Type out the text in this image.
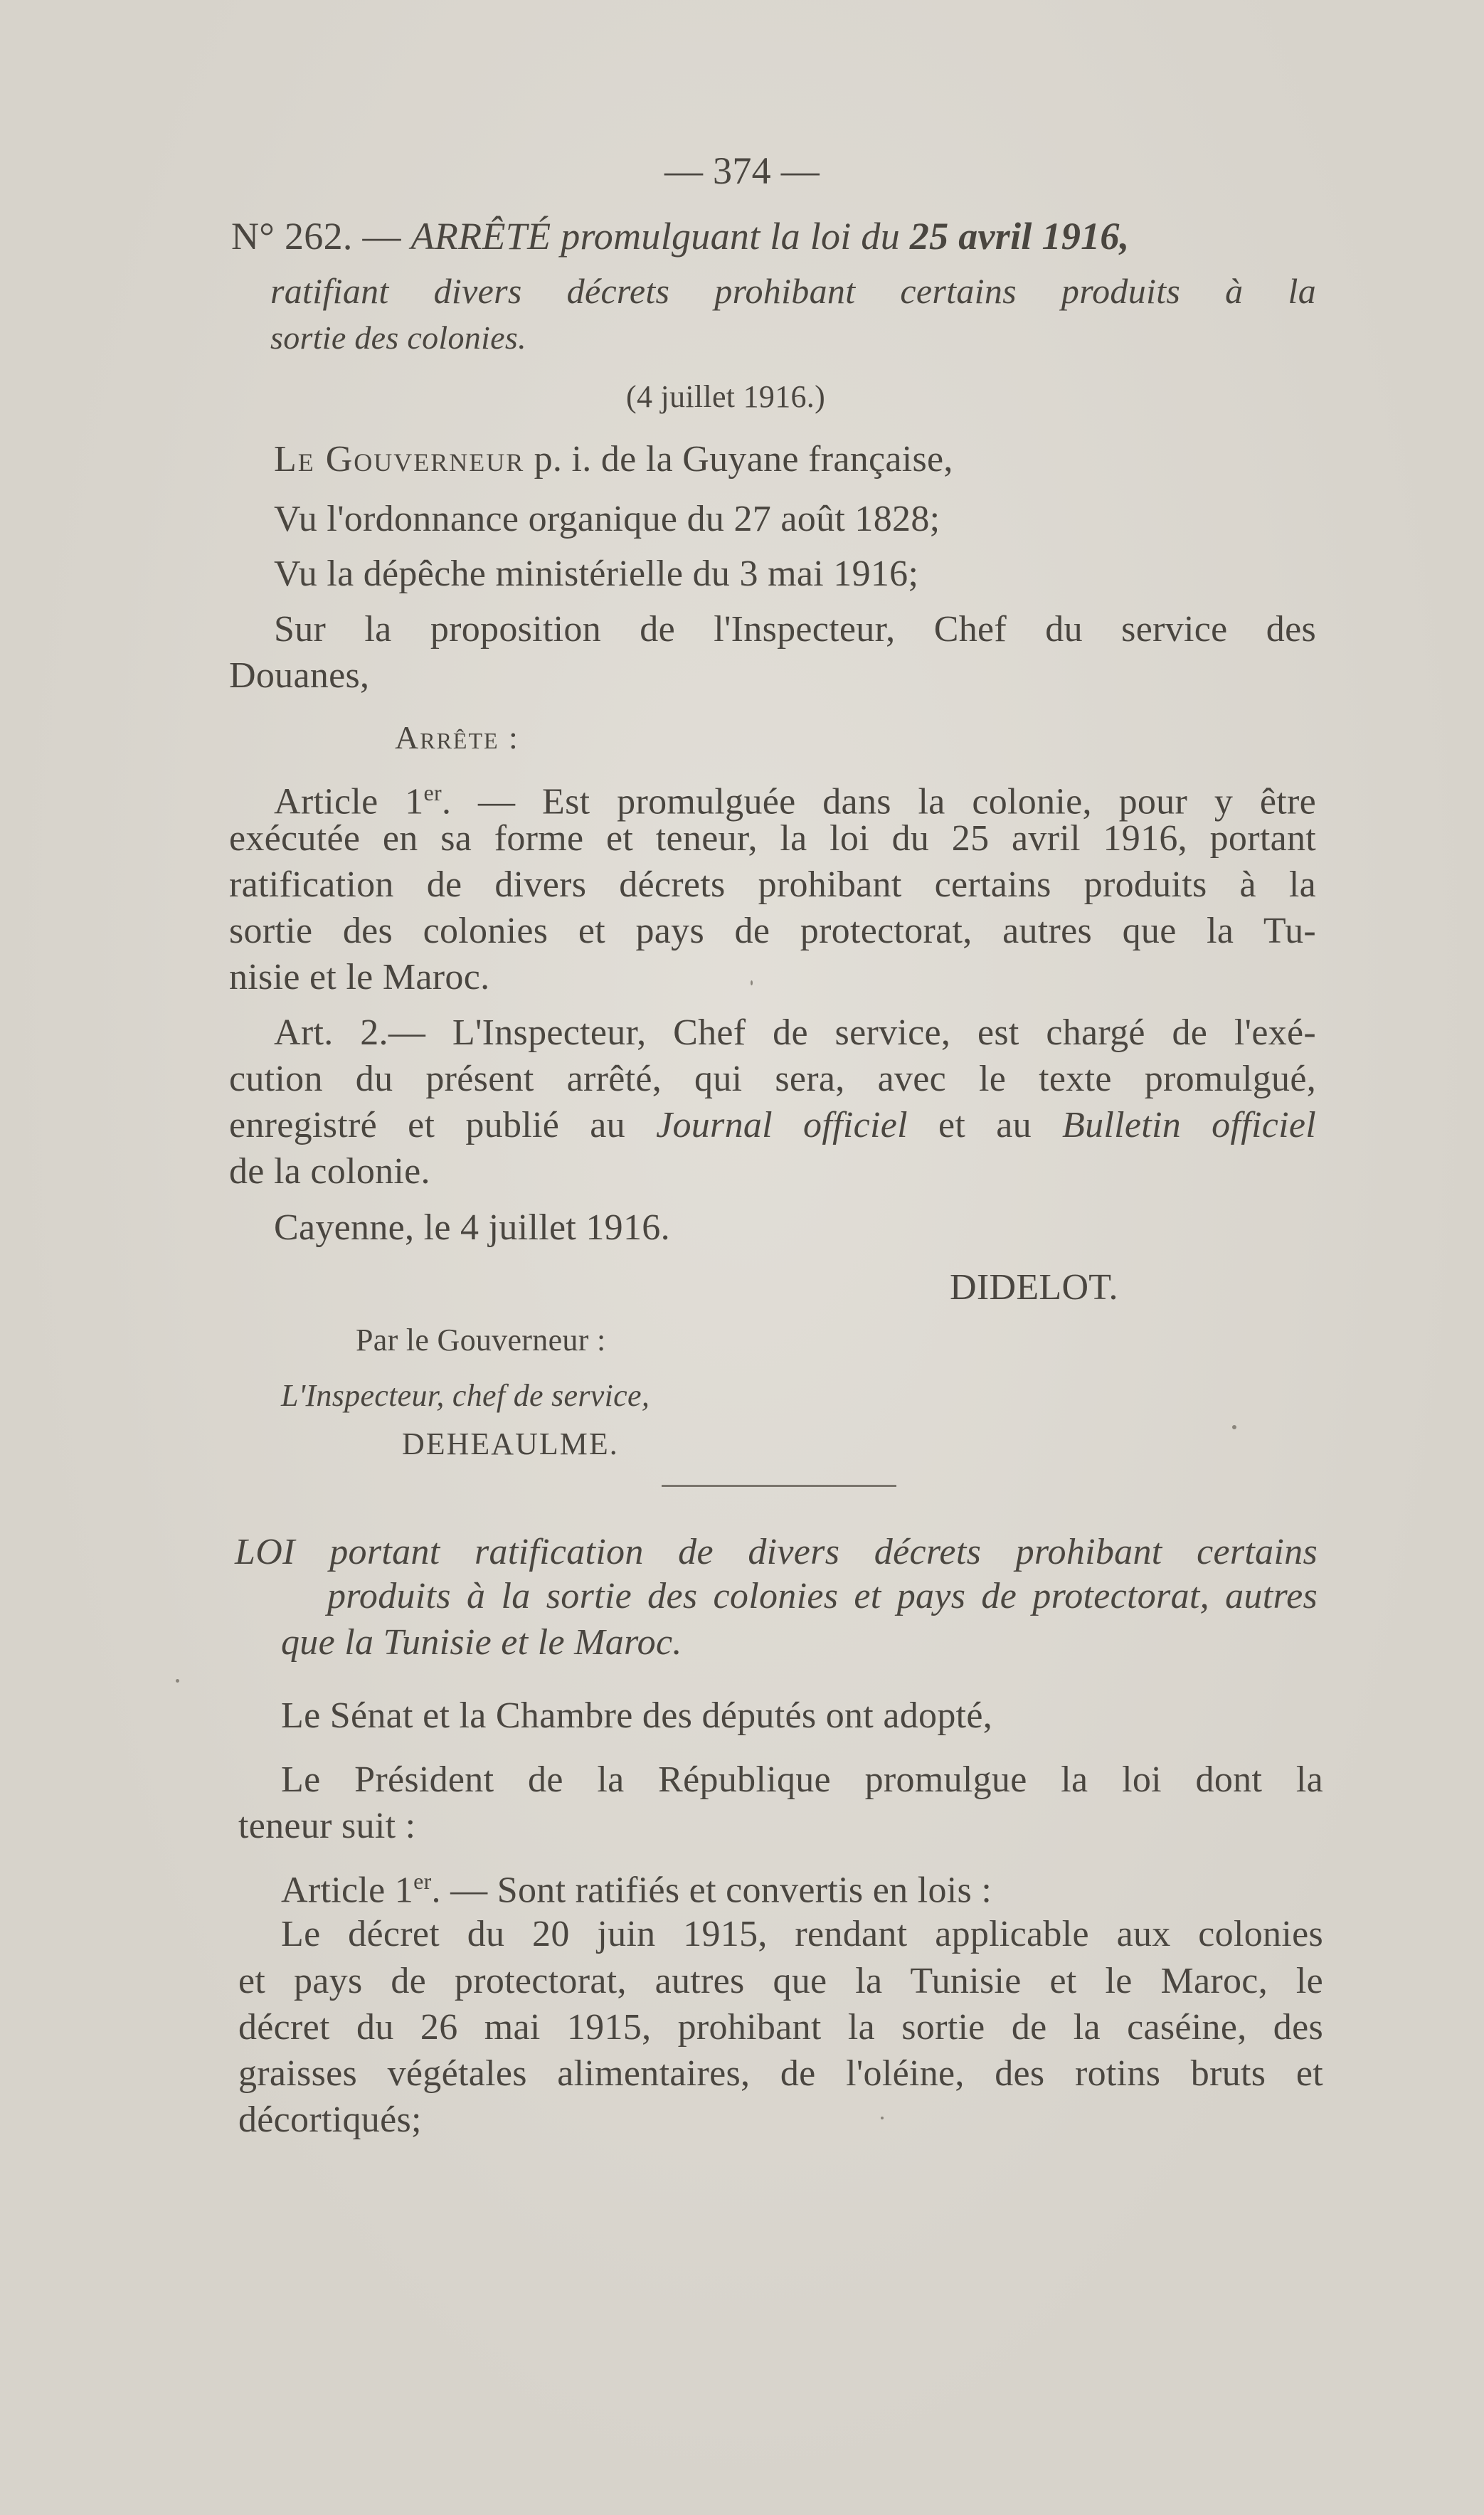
— 374 —
N° 262. — ARRÊTÉ promulguant la loi du 25 avril 1916,
ratifiant divers décrets prohibant certains produits à la
sortie des colonies.
(4 juillet 1916.)
Le Gouverneur p. i. de la Guyane française,
Vu l'ordonnance organique du 27 août 1828;
Vu la dépêche ministérielle du 3 mai 1916;
Sur la proposition de l'Inspecteur, Chef du service des
Douanes,
Arrête :
Article 1er. — Est promulguée dans la colonie, pour y être
exécutée en sa forme et teneur, la loi du 25 avril 1916, portant
ratification de divers décrets prohibant certains produits à la
sortie des colonies et pays de protectorat, autres que la Tu-
nisie et le Maroc.
Art. 2.— L'Inspecteur, Chef de service, est chargé de l'exé-
cution du présent arrêté, qui sera, avec le texte promulgué,
enregistré et publié au Journal officiel et au Bulletin officiel
de la colonie.
Cayenne, le 4 juillet 1916.
DIDELOT.
Par le Gouverneur :
L'Inspecteur, chef de service,
DEHEAULME.
LOI portant ratification de divers décrets prohibant certains
produits à la sortie des colonies et pays de protectorat, autres
que la Tunisie et le Maroc.
Le Sénat et la Chambre des députés ont adopté,
Le Président de la République promulgue la loi dont la
teneur suit :
Article 1er. — Sont ratifiés et convertis en lois :
Le décret du 20 juin 1915, rendant applicable aux colonies
et pays de protectorat, autres que la Tunisie et le Maroc, le
décret du 26 mai 1915, prohibant la sortie de la caséine, des
graisses végétales alimentaires, de l'oléine, des rotins bruts et
décortiqués;
